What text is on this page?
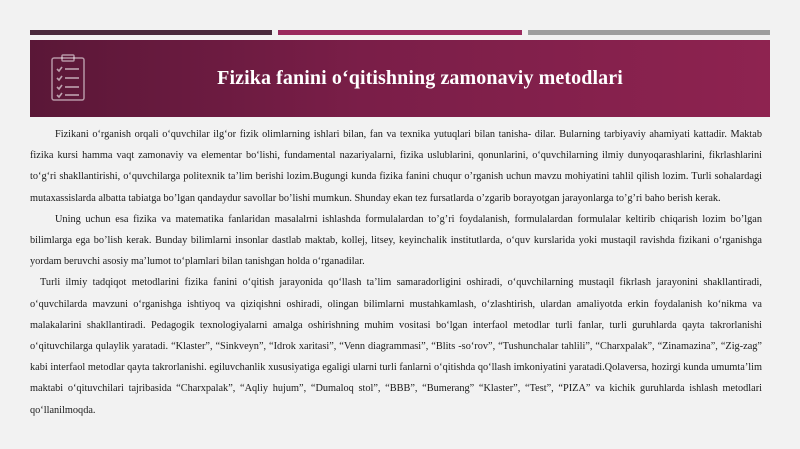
Fizika fanini o‘qitishning zamonaviy metodlari

Fizikani o‘rganish orqali o‘quvchilar ilg‘or fizik olimlarning ishlari bilan, fan va texnika yutuqlari bilan tanisha- dilar. Bularning tarbiyaviy ahamiyati kattadir. Maktab fizika kursi hamma vaqt zamonaviy va elementar bo‘lishi, fundamental nazariyalarni, fizika uslublarini, qonunlarini, o‘quvchilarning ilmiy dunyoqarashlarini, fikrlashlarini to‘g‘ri shakllantirishi, o‘quvchilarga politexnik ta’lim berishi lozim.Bugungi kunda fizika fanini chuqur o’rganish uchun mavzu mohiyatini tahlil qilish lozim. Turli sohalardagi mutaxassislarda albatta tabiatga bo’lgan qandaydur savollar bo’lishi mumkun. Shunday ekan tez fursatlarda o’zgarib borayotgan jarayonlarga to’g’ri baho berish kerak.

Uning uchun esa fizika va matematika fanlaridan masalalrni ishlashda formulalardan to’g’ri foydalanish, formulalardan formulalar keltirib chiqarish lozim bo’lgan bilimlarga ega bo’lish kerak. Bunday bilimlarni insonlar dastlab maktab, kollej, litsey, keyinchalik institutlarda, o‘quv kurslarida yoki mustaqil ravishda fizikani o‘rganishga yordam beruvchi asosiy ma’lumot to‘plamlari bilan tanishgan holda o‘rganadilar.

Turli ilmiy tadqiqot metodlarini fizika fanini o‘qitish jarayonida qo‘llash ta’lim samaradorligini oshiradi, o‘quvchilarning mustaqil fikrlash jarayonini shakllantiradi, o‘quvchilarda mavzuni o‘rganishga ishtiyoq va qiziqishni oshiradi, olingan bilimlarni mustahkamlash, o‘zlashtirish, ulardan amaliyotda erkin foydalanish ko‘nikma va malakalarini shakllantiradi. Pedagogik texnologiyalarni amalga oshirishning muhim vositasi bo‘lgan interfaol metodlar turli fanlar, turli guruhlarda qayta takrorlanishi o‘qituvchilarga qulaylik yaratadi. “Klaster”, “Sinkveyn”, “Idrok xaritasi”, “Venn diagrammasi”, “Blits -so‘rov”, “Tushunchalar tahlili”, “Charxpalak”, “Zinamazina”, “Zig-zag” kabi interfaol metodlar qayta takrorlanishi. egiluvchanlik xususiyatiga egaligi ularni turli fanlarni o‘qitishda qo‘llash imkoniyatini yaratadi.Qolaversa, hozirgi kunda umumta’lim maktabi o‘qituvchilari tajribasida “Charxpalak”, “Aqliy hujum”, “Dumaloq stol”, “BBB”, “Bumerang” “Klaster”, “Test”, “PIZA” va kichik guruhlarda ishlash metodlari qo‘llanilmoqda.
